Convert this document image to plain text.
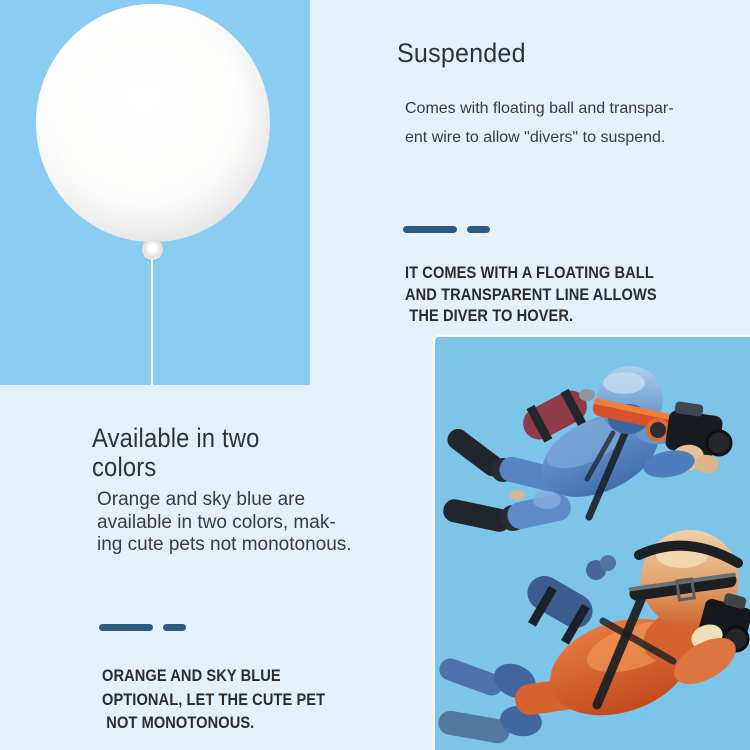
Suspended
Comes with floating ball and transpar-
ent wire to allow "divers" to suspend.
IT COMES WITH A FLOATING BALL
AND TRANSPARENT LINE ALLOWS
THE DIVER TO HOVER.
Available in two
colors
Orange and sky blue are
available in two colors, mak-
ing cute pets not monotonous.
ORANGE AND SKY BLUE
OPTIONAL, LET THE CUTE PET
NOT MONOTONOUS.
